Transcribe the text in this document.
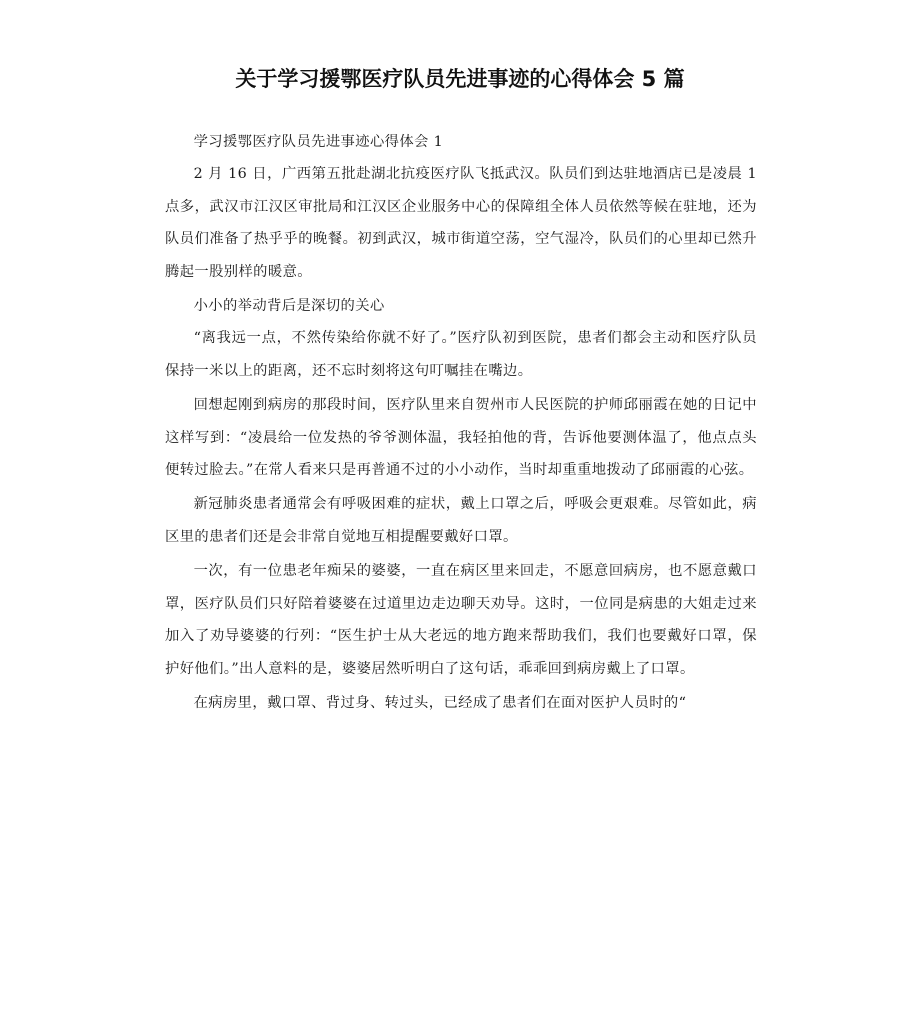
关于学习援鄂医疗队员先进事迹的心得体会 5 篇

学习援鄂医疗队员先进事迹心得体会 1

2 月 16 日，广西第五批赴湖北抗疫医疗队飞抵武汉。队员们到达驻地酒店已是凌晨 1 点多，武汉市江汉区审批局和江汉区企业服务中心的保障组全体人员依然等候在驻地，还为队员们准备了热乎乎的晚餐。初到武汉，城市街道空荡，空气湿冷，队员们的心里却已然升腾起一股别样的暖意。

小小的举动背后是深切的关心

“离我远一点，不然传染给你就不好了。”医疗队初到医院，患者们都会主动和医疗队员保持一米以上的距离，还不忘时刻将这句叮嘱挂在嘴边。

回想起刚到病房的那段时间，医疗队里来自贺州市人民医院的护师邱丽霞在她的日记中这样写到：“凌晨给一位发热的爷爷测体温，我轻拍他的背，告诉他要测体温了，他点点头便转过脸去。”在常人看来只是再普通不过的小小动作，当时却重重地拨动了邱丽霞的心弦。

新冠肺炎患者通常会有呼吸困难的症状，戴上口罩之后，呼吸会更艰难。尽管如此，病区里的患者们还是会非常自觉地互相提醒要戴好口罩。

一次，有一位患老年痴呆的婆婆，一直在病区里来回走，不愿意回病房，也不愿意戴口罩，医疗队员们只好陪着婆婆在过道里边走边聊天劝导。这时，一位同是病患的大姐走过来加入了劝导婆婆的行列：“医生护士从大老远的地方跑来帮助我们，我们也要戴好口罩，保护好他们。”出人意料的是，婆婆居然听明白了这句话，乖乖回到病房戴上了口罩。

在病房里，戴口罩、背过身、转过头，已经成了患者们在面对医护人员时的“
